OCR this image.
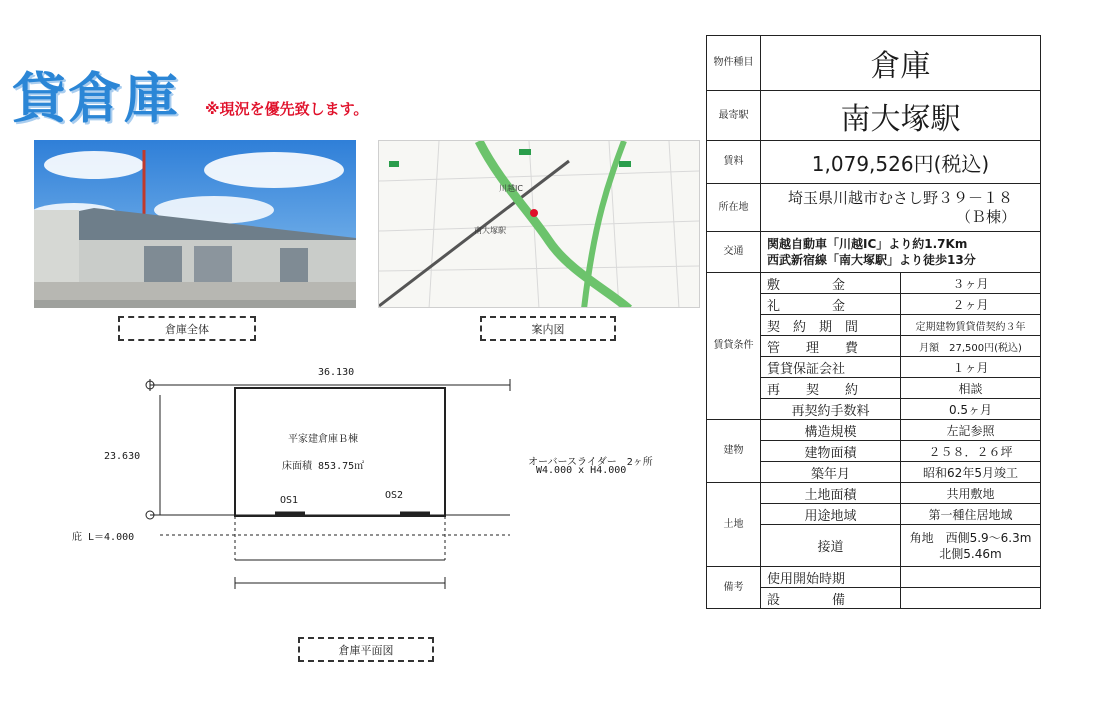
貸倉庫 ※現況を優先致します。
南大塚駅
川越IC
倉庫全体	案内図
倉庫平面図
36.130
23.630
平家建倉庫Ｂ棟
床面積 853.75㎡
OS1	OS2
オーバースライダー　2ヶ所
W4.000 x H4.000
庇 L＝4.000
物件種目	倉庫	
最寄駅	南大塚駅	
賃料	1,079,526円(税込)	
所在地	埼玉県川越市むさし野３９－１８
（Ｂ棟）	

交通	関越自動車「川越IC」より約1.7Km
西武新宿線「南大塚駅」より徒歩13分	

賃貸条件	敷　　　　金	３ヶ月
	礼　　　　金	２ヶ月
	契　約　期　間	定期建物賃貸借契約３年
	管　　理　　費	月額　27,500円(税込)
	賃貸保証会社	１ヶ月
	再　　契　　約	相談
	再契約手数料	0.5ヶ月
建物	構造規模	左記参照
	建物面積	２５８．２６坪
	築年月	昭和62年5月竣工
土地	土地面積	共用敷地
	用途地域	第一種住居地域
	接道	角地　西側5.9～6.3m
北側5.46m

備考	使用開始時期	
	設　　　　備	
